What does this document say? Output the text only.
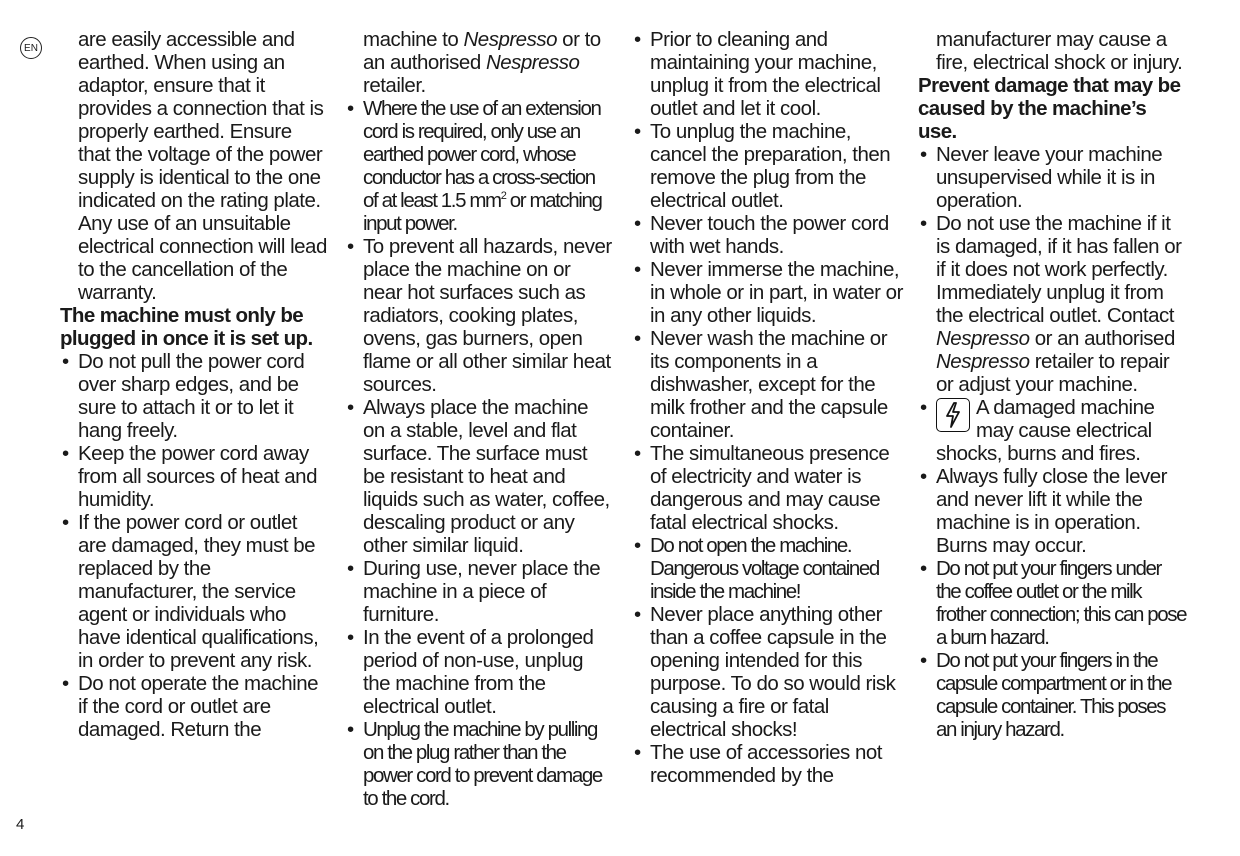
EN
4

are easily accessible and earthed. When using an adaptor, ensure that it provides a connection that is properly earthed. Ensure that the voltage of the power supply is identical to the one indicated on the rating plate. Any use of an unsuitable electrical connection will lead to the cancellation of the warranty.

The machine must only be plugged in once it is set up.

• Do not pull the power cord over sharp edges, and be sure to attach it or to let it hang freely.
• Keep the power cord away from all sources of heat and humidity.
• If the power cord or outlet are damaged, they must be replaced by the manufacturer, the service agent or individuals who have identical qualifications, in order to prevent any risk.
• Do not operate the machine if the cord or outlet are damaged. Return the

machine to Nespresso or to an authorised Nespresso retailer.

• Where the use of an extension cord is required, only use an earthed power cord, whose conductor has a cross-section of at least 1.5 $mm^2$ or matching input power.
• To prevent all hazards, never place the machine on or near hot surfaces such as radiators, cooking plates, ovens, gas burners, open flame or all other similar heat sources.
• Always place the machine on a stable, level and flat surface. The surface must be resistant to heat and liquids such as water, coffee, descaling product or any other similar liquid.
• During use, never place the machine in a piece of furniture.
• In the event of a prolonged period of non-use, unplug the machine from the electrical outlet.
• Unplug the machine by pulling on the plug rather than the power cord to prevent damage to the cord.
• Prior to cleaning and maintaining your machine, unplug it from the electrical outlet and let it cool.
• To unplug the machine, cancel the preparation, then remove the plug from the electrical outlet.
• Never touch the power cord with wet hands.
• Never immerse the machine, in whole or in part, in water or in any other liquids.
• Never wash the machine or its components in a dishwasher, except for the milk frother and the capsule container.
• The simultaneous presence of electricity and water is dangerous and may cause fatal electrical shocks.
• Do not open the machine. Dangerous voltage contained inside the machine!
• Never place anything other than a coffee capsule in the opening intended for this purpose. To do so would risk causing a fire or fatal electrical shocks!
• The use of accessories not recommended by the

manufacturer may cause a fire, electrical shock or injury.

Prevent damage that may be caused by the machine’s use.

• Never leave your machine unsupervised while it is in operation.
• Do not use the machine if it is damaged, if it has fallen or if it does not work perfectly. Immediately unplug it from the electrical outlet. Contact Nespresso or an authorised Nespresso retailer to repair or adjust your machine.
• A damaged machine may cause electrical shocks, burns and fires.
• Always fully close the lever and never lift it while the machine is in operation. Burns may occur.
• Do not put your fingers under the coffee outlet or the milk frother connection; this can pose a burn hazard.
• Do not put your fingers in the capsule compartment or in the capsule container. This poses an injury hazard.
